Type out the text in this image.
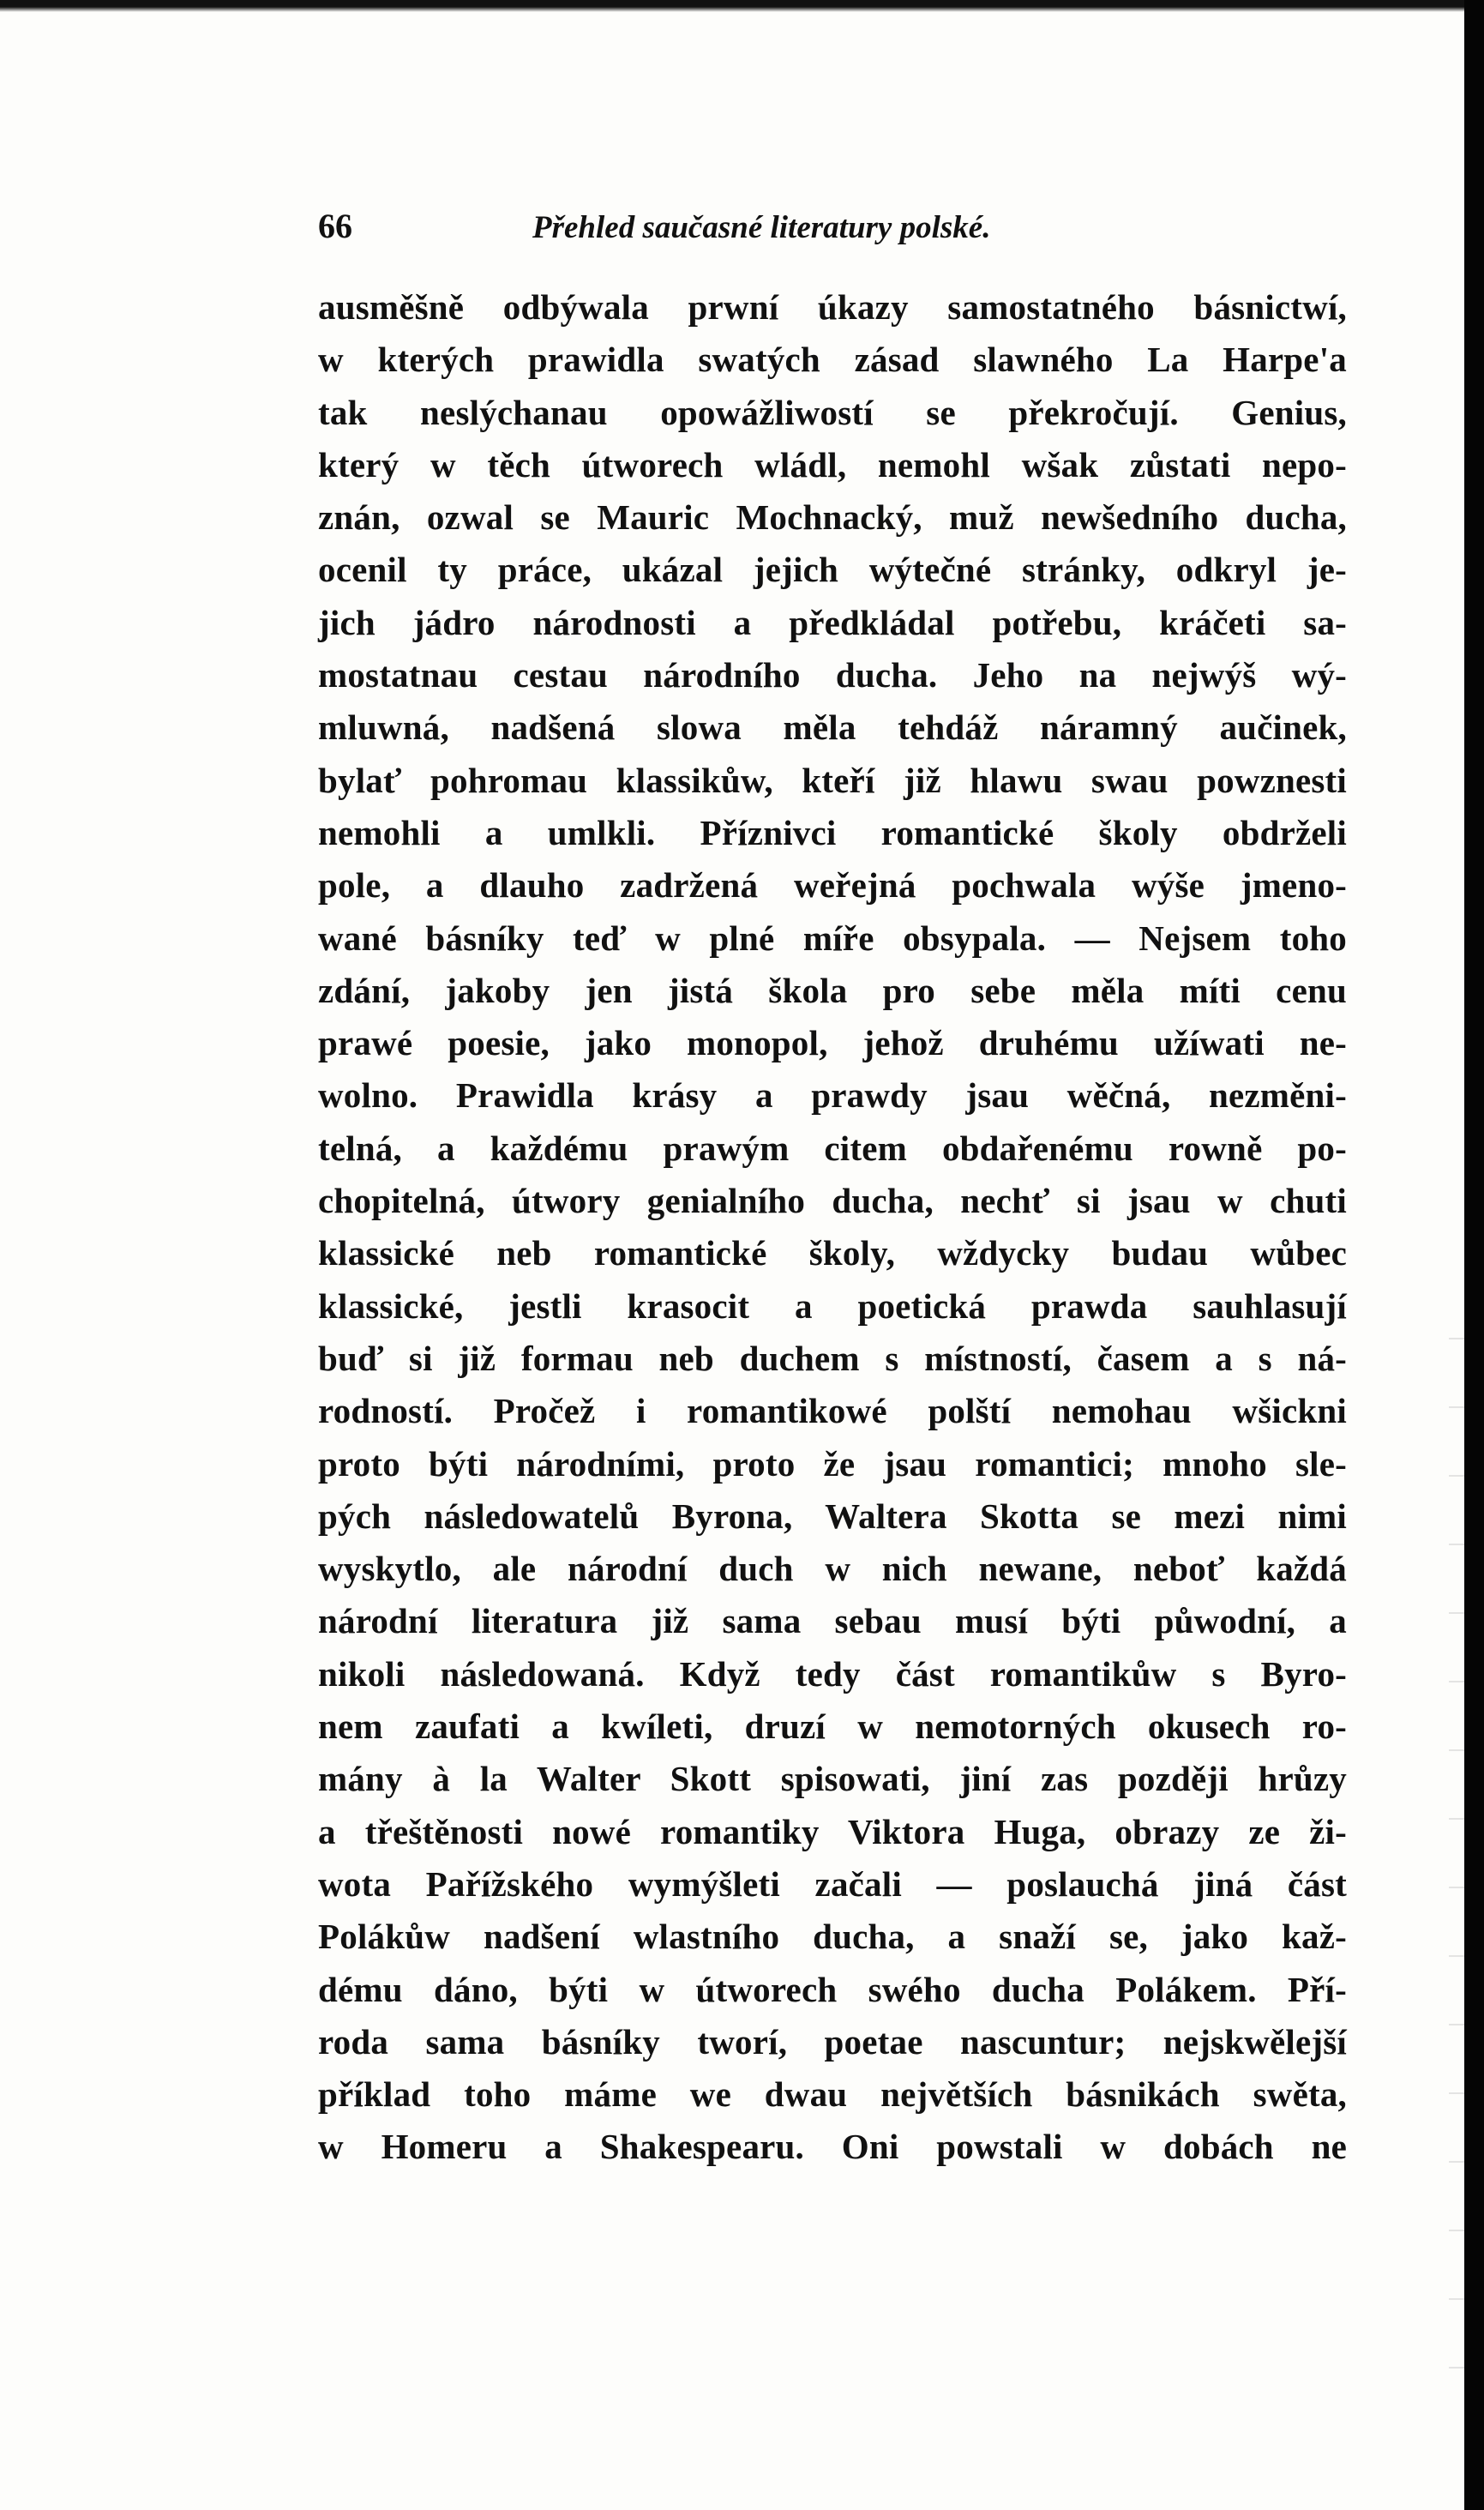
66	Přehled saučasné literatury polské.
ausměšně odbýwala prwní úkazy samostatného básnictwí,
w kterých prawidla swatých zásad slawného La Harpe'a
tak neslýchanau opowážliwostí se překročují. Genius,
který w těch útworech wládl, nemohl wšak zůstati nepo-
znán, ozwal se Mauric Mochnacký, muž newšedního ducha,
ocenil ty práce, ukázal jejich wýtečné stránky, odkryl je-
jich jádro národnosti a předkládal potřebu, kráčeti sa-
mostatnau cestau národního ducha. Jeho na nejwýš wý-
mluwná, nadšená slowa měla tehdáž náramný aučinek,
bylať pohromau klassikůw, kteří již hlawu swau powznesti
nemohli a umlkli. Příznivci romantické školy obdrželi
pole, a dlauho zadržená weřejná pochwala wýše jmeno-
wané básníky teď w plné míře obsypala. — Nejsem toho
zdání, jakoby jen jistá škola pro sebe měla míti cenu
prawé poesie, jako monopol, jehož druhému užíwati ne-
wolno. Prawidla krásy a prawdy jsau wěčná, nezměni-
telná, a každému prawým citem obdařenému rowně po-
chopitelná, útwory genialního ducha, nechť si jsau w chuti
klassické neb romantické školy, wždycky budau wůbec
klassické, jestli krasocit a poetická prawda sauhlasují
buď si již formau neb duchem s místností, časem a s ná-
rodností. Pročež i romantikowé polští nemohau wšickni
proto býti národními, proto že jsau romantici; mnoho sle-
pých následowatelů Byrona, Waltera Skotta se mezi nimi
wyskytlo, ale národní duch w nich newane, neboť každá
národní literatura již sama sebau musí býti půwodní, a
nikoli následowaná. Když tedy část romantikůw s Byro-
nem zaufati a kwíleti, druzí w nemotorných okusech ro-
mány à la Walter Skott spisowati, jiní zas později hrůzy
a třeštěnosti nowé romantiky Viktora Huga, obrazy ze ži-
wota Pařížského wymýšleti začali — poslauchá jiná část
Polákůw nadšení wlastního ducha, a snaží se, jako kaž-
dému dáno, býti w útworech swého ducha Polákem. Pří-
roda sama básníky tworí, poetae nascuntur; nejskwělejší
příklad toho máme we dwau největších básnikách swěta,
w Homeru a Shakespearu. Oni powstali w dobách ne
